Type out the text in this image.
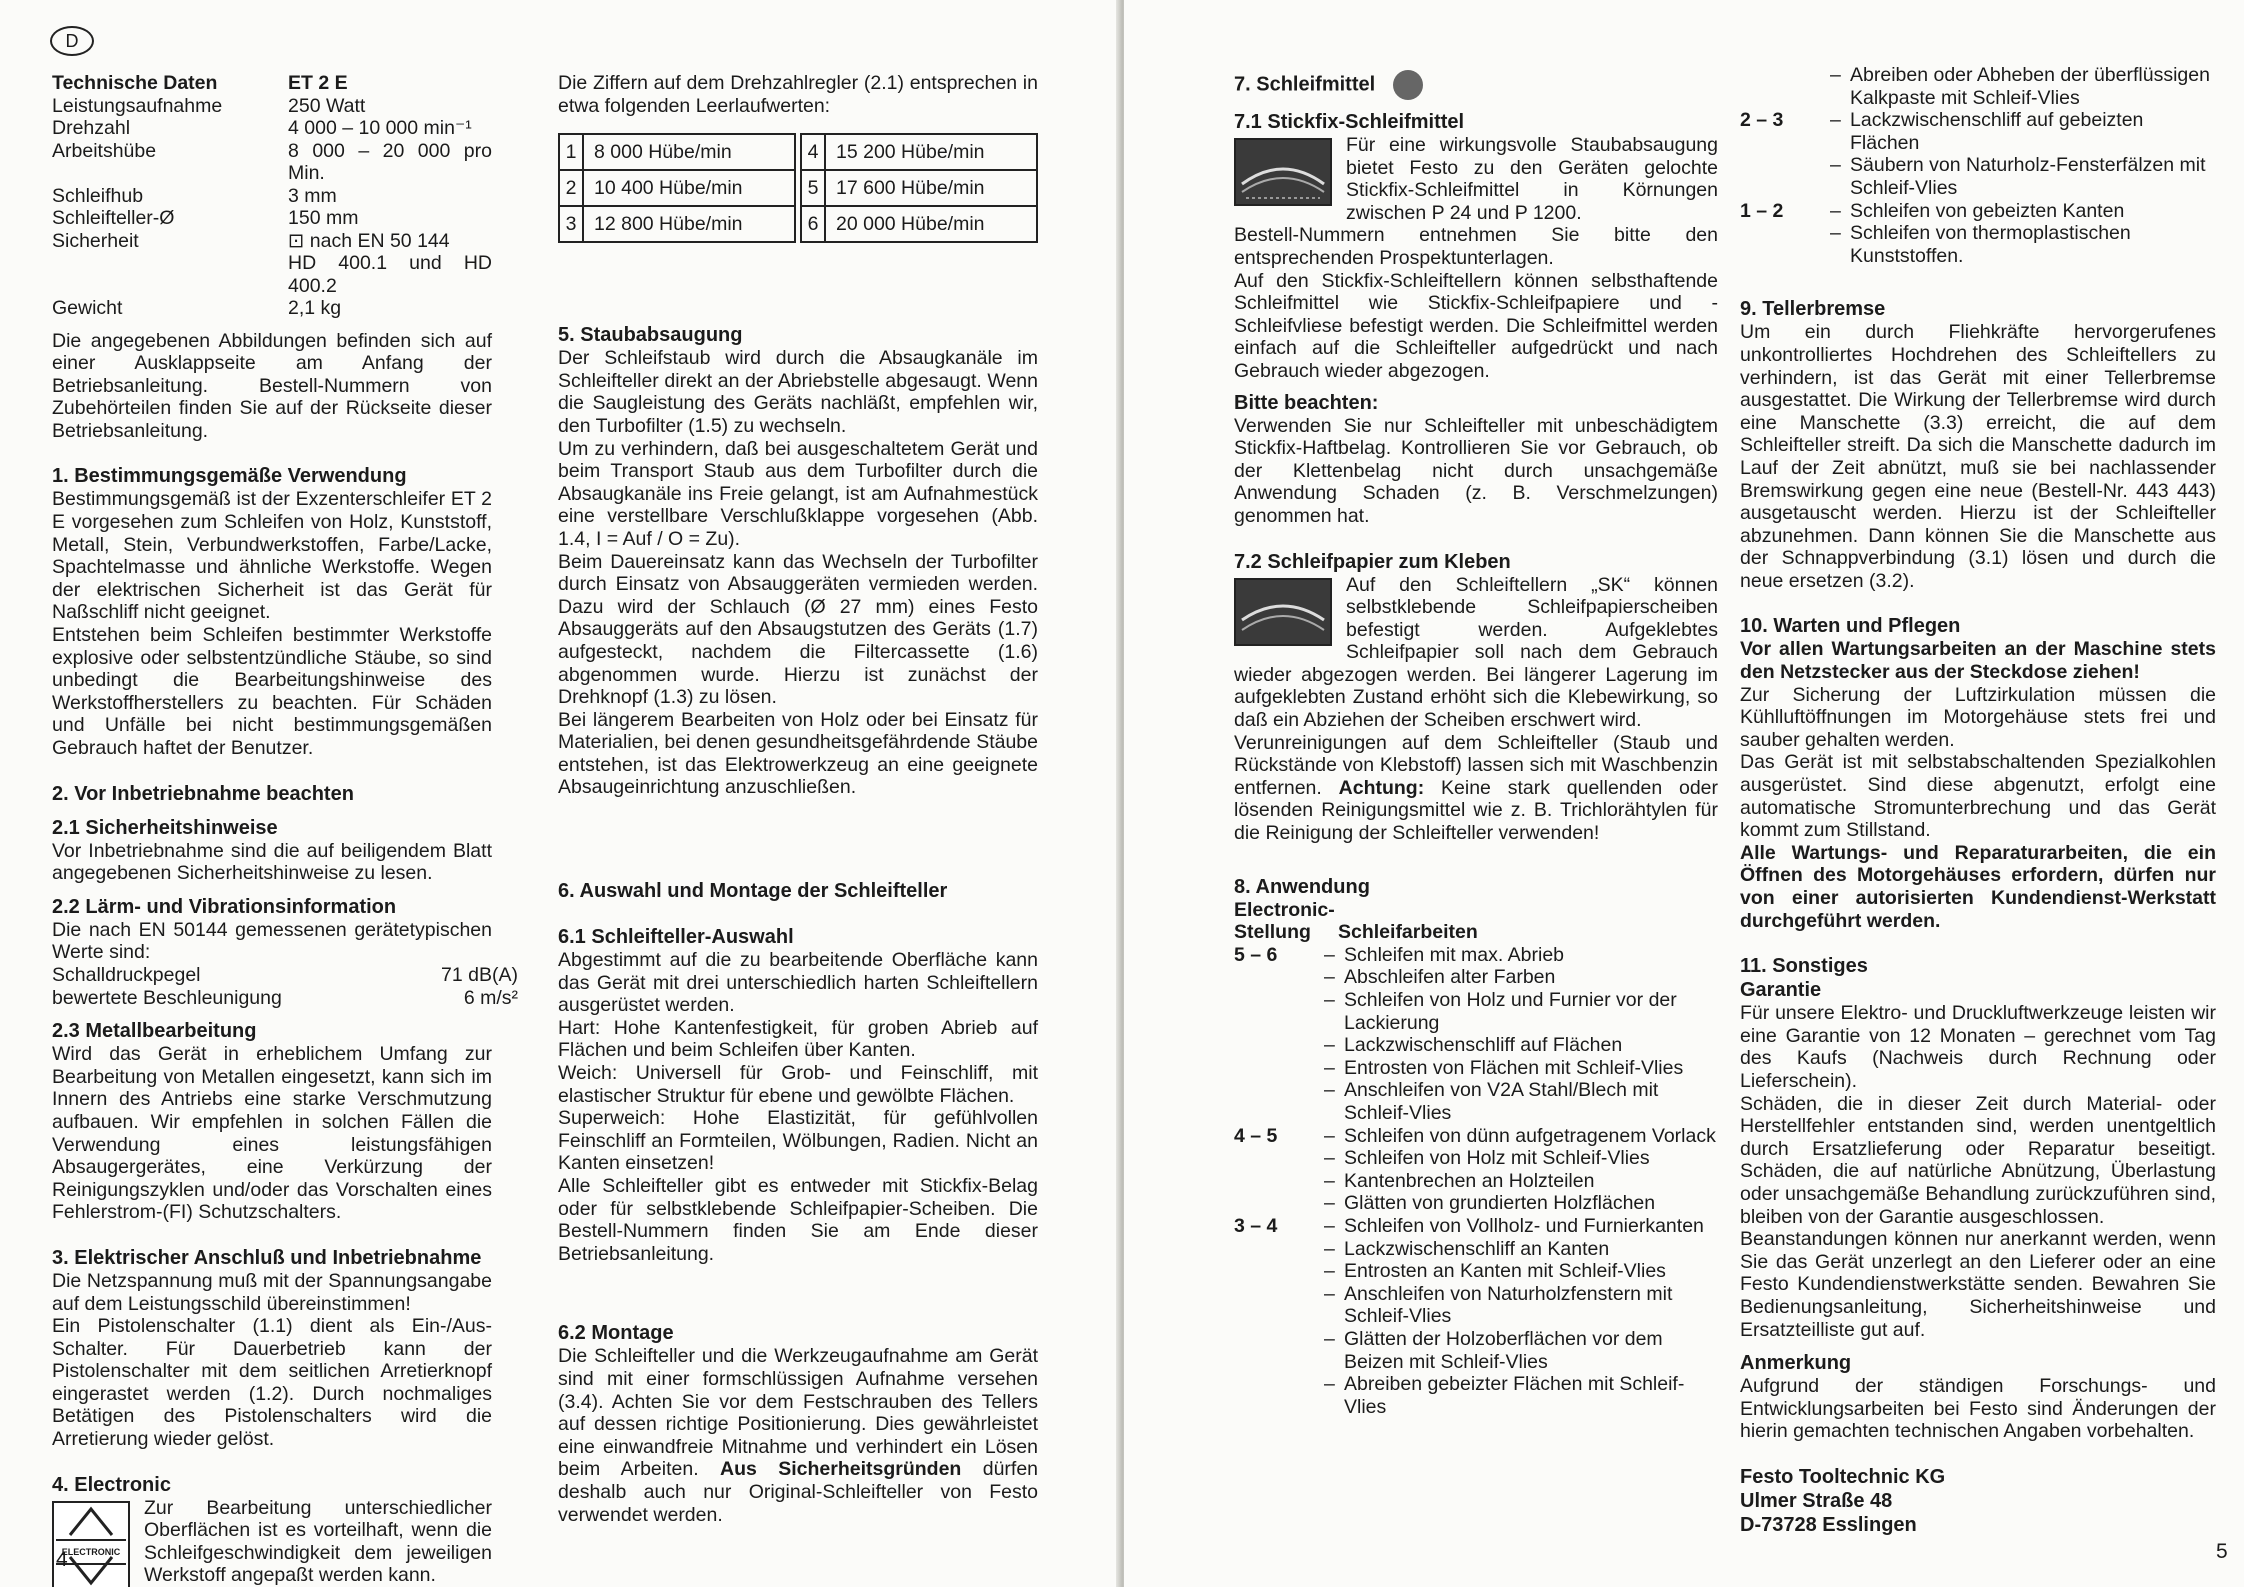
D
Technische Daten	ET 2 E
Leistungsaufnahme	250 Watt
Drehzahl	4 000 – 10 000 min⁻¹
Arbeitshübe	8 000 – 20 000 pro Min.
Schleifhub	3 mm
Schleifteller-Ø	150 mm
Sicherheit	⊡ nach EN 50 144
HD 400.1 und HD 400.2
Gewicht	2,1 kg

Die angegebenen Abbildungen befinden sich auf einer Ausklappseite am Anfang der Betriebsanleitung. Bestell-Nummern von Zubehörteilen finden Sie auf der Rückseite dieser Betriebsanleitung.

1. Bestimmungsgemäße Verwendung

Bestimmungsgemäß ist der Exzenterschleifer ET 2 E vorgesehen zum Schleifen von Holz, Kunststoff, Metall, Stein, Verbundwerkstoffen, Farbe/Lacke, Spachtelmasse und ähnliche Werkstoffe. Wegen der elektrischen Sicherheit ist das Gerät für Naßschliff nicht geeignet.

Entstehen beim Schleifen bestimmter Werkstoffe explosive oder selbstentzündliche Stäube, so sind unbedingt die Bearbeitungshinweise des Werkstoffherstellers zu beachten. Für Schäden und Unfälle bei nicht bestimmungsgemäßen Gebrauch haftet der Benutzer.

2. Vor Inbetriebnahme beachten
2.1 Sicherheitshinweise

Vor Inbetriebnahme sind die auf beiligendem Blatt angegebenen Sicherheitshinweise zu lesen.

2.2 Lärm- und Vibrationsinformation

Die nach EN 50144 gemessenen gerätetypischen Werte sind:

Schalldruckpegel	71 dB(A)
bewertete Beschleunigung	6 m/s²
2.3 Metallbearbeitung

Wird das Gerät in erheblichem Umfang zur Bearbeitung von Metallen eingesetzt, kann sich im Innern des Antriebs eine starke Verschmutzung aufbauen. Wir empfehlen in solchen Fällen die Verwendung eines leistungsfähigen Absaugergerätes, eine Verkürzung der Reinigungszyklen und/oder das Vorschalten eines Fehlerstrom-(FI) Schutzschalters.

3. Elektrischer Anschluß und Inbetriebnahme

Die Netzspannung muß mit der Spannungsangabe auf dem Leistungsschild übereinstimmen!

Ein Pistolenschalter (1.1) dient als Ein-/Aus-Schalter. Für Dauerbetrieb kann der Pistolenschalter mit dem seitlichen Arretierknopf eingerastet werden (1.2). Durch nochmaliges Betätigen des Pistolenschalters wird die Arretierung wieder gelöst.

4. Electronic
ELECTRONIC

Zur Bearbeitung unterschiedlicher Oberflächen ist es vorteilhaft, wenn die Schleifgeschwindigkeit dem jeweiligen Werkstoff angepaßt werden kann.

4

Die Ziffern auf dem Drehzahlregler (2.1) entsprechen in etwa folgenden Leerlaufwerten:

1	8 000 Hübe/min		4	15 200 Hübe/min
2	10 400 Hübe/min		5	17 600 Hübe/min
3	12 800 Hübe/min		6	20 000 Hübe/min
5. Staubabsaugung

Der Schleifstaub wird durch die Absaugkanäle im Schleifteller direkt an der Abriebstelle abgesaugt. Wenn die Saugleistung des Geräts nachläßt, empfehlen wir, den Turbofilter (1.5) zu wechseln.

Um zu verhindern, daß bei ausgeschaltetem Gerät und beim Transport Staub aus dem Turbofilter durch die Absaugkanäle ins Freie gelangt, ist am Aufnahmestück eine verstellbare Verschlußklappe vorgesehen (Abb. 1.4, I = Auf / O = Zu).

Beim Dauereinsatz kann das Wechseln der Turbofilter durch Einsatz von Absauggeräten vermieden werden. Dazu wird der Schlauch (Ø 27 mm) eines Festo Absauggeräts auf den Absaugstutzen des Geräts (1.7) aufgesteckt, nachdem die Filtercassette (1.6) abgenommen wurde. Hierzu ist zunächst der Drehknopf (1.3) zu lösen.

Bei längerem Bearbeiten von Holz oder bei Einsatz für Materialien, bei denen gesundheitsgefährdende Stäube entstehen, ist das Elektrowerkzeug an eine geeignete Absaugeinrichtung anzuschließen.

6. Auswahl und Montage der Schleifteller
6.1 Schleifteller-Auswahl

Abgestimmt auf die zu bearbeitende Oberfläche kann das Gerät mit drei unterschiedlich harten Schleiftellern ausgerüstet werden.

Hart: Hohe Kantenfestigkeit, für groben Abrieb auf Flächen und beim Schleifen über Kanten.

Weich: Universell für Grob- und Feinschliff, mit elastischer Struktur für ebene und gewölbte Flächen.

Superweich: Hohe Elastizität, für gefühlvollen Feinschliff an Formteilen, Wölbungen, Radien. Nicht an Kanten einsetzen!

Alle Schleifteller gibt es entweder mit Stickfix-Belag oder für selbstklebende Schleifpapier-Scheiben. Die Bestell-Nummern finden Sie am Ende dieser Betriebsanleitung.

6.2 Montage

Die Schleifteller und die Werkzeugaufnahme am Gerät sind mit einer formschlüssigen Aufnahme versehen (3.4). Achten Sie vor dem Festschrauben des Tellers auf dessen richtige Positionierung. Dies gewährleistet eine einwandfreie Mitnahme und verhindert ein Lösen beim Arbeiten. Aus Sicherheitsgründen dürfen deshalb auch nur Original-Schleifteller von Festo verwendet werden.

7. Schleifmittel
7.1 Stickfix-Schleifmittel

Für eine wirkungsvolle Staubabsaugung bietet Festo zu den Geräten gelochte Stickfix-Schleifmittel in Körnungen zwischen P 24 und P 1200.

Bestell-Nummern entnehmen Sie bitte den entsprechenden Prospektunterlagen.

Auf den Stickfix-Schleiftellern können selbsthaftende Schleifmittel wie Stickfix-Schleifpapiere und -Schleifvliese befestigt werden. Die Schleifmittel werden einfach auf die Schleifteller aufgedrückt und nach Gebrauch wieder abgezogen.

Bitte beachten:

Verwenden Sie nur Schleifteller mit unbeschädigtem Stickfix-Haftbelag. Kontrollieren Sie vor Gebrauch, ob der Klettenbelag nicht durch unsachgemäße Anwendung Schaden (z. B. Verschmelzungen) genommen hat.

7.2 Schleifpapier zum Kleben

Auf den Schleiftellern „SK“ können selbstklebende Schleifpapierscheiben befestigt werden. Aufgeklebtes Schleifpapier soll nach dem Gebrauch wieder abgezogen werden. Bei längerer Lagerung im aufgeklebten Zustand erhöht sich die Klebewirkung, so daß ein Abziehen der Scheiben erschwert wird.

Verunreinigungen auf dem Schleifteller (Staub und Rückstände von Klebstoff) lassen sich mit Waschbenzin entfernen. Achtung: Keine stark quellenden oder lösenden Reinigungsmittel wie z. B. Trichlorähtylen für die Reinigung der Schleifteller verwenden!

8. Anwendung
Electronic-
Stellung	Schleifarbeiten
5 – 6	– Schleifen mit max. Abrieb
– Abschleifen alter Farben
– Schleifen von Holz und Furnier vor der Lackierung
– Lackzwischenschliff auf Flächen
– Entrosten von Flächen mit Schleif-Vlies
– Anschleifen von V2A Stahl/Blech mit Schleif-Vlies
4 – 5	– Schleifen von dünn aufgetragenem Vorlack
– Schleifen von Holz mit Schleif-Vlies
– Kantenbrechen an Holzteilen
– Glätten von grundierten Holzflächen
3 – 4	– Schleifen von Vollholz- und Furnierkanten
– Lackzwischenschliff an Kanten
– Entrosten an Kanten mit Schleif-Vlies
– Anschleifen von Naturholzfenstern mit Schleif-Vlies
– Glätten der Holzoberflächen vor dem Beizen mit Schleif-Vlies
– Abreiben gebeizter Flächen mit Schleif-Vlies
5
– Abreiben oder Abheben der überflüssigen Kalkpaste mit Schleif-Vlies
2 – 3	– Lackzwischenschliff auf gebeizten Flächen
– Säubern von Naturholz-Fensterfälzen mit Schleif-Vlies
1 – 2	– Schleifen von gebeizten Kanten
– Schleifen von thermoplastischen Kunststoffen.
9. Tellerbremse

Um ein durch Fliehkräfte hervorgerufenes unkontrolliertes Hochdrehen des Schleiftellers zu verhindern, ist das Gerät mit einer Tellerbremse ausgestattet. Die Wirkung der Tellerbremse wird durch eine Manschette (3.3) erreicht, die auf dem Schleifteller streift. Da sich die Manschette dadurch im Lauf der Zeit abnützt, muß sie bei nachlassender Bremswirkung gegen eine neue (Bestell-Nr. 443 443) ausgetauscht werden. Hierzu ist der Schleifteller abzunehmen. Dann können Sie die Manschette aus der Schnappverbindung (3.1) lösen und durch die neue ersetzen (3.2).

10. Warten und Pflegen

Vor allen Wartungsarbeiten an der Maschine stets den Netzstecker aus der Steckdose ziehen!

Zur Sicherung der Luftzirkulation müssen die Kühlluftöffnungen im Motorgehäuse stets frei und sauber gehalten werden.

Das Gerät ist mit selbstabschaltenden Spezialkohlen ausgerüstet. Sind diese abgenutzt, erfolgt eine automatische Stromunterbrechung und das Gerät kommt zum Stillstand.

Alle Wartungs- und Reparaturarbeiten, die ein Öffnen des Motorgehäuses erfordern, dürfen nur von einer autorisierten Kundendienst-Werkstatt durchgeführt werden.

11. Sonstiges
Garantie

Für unsere Elektro- und Druckluftwerkzeuge leisten wir eine Garantie von 12 Monaten – gerechnet vom Tag des Kaufs (Nachweis durch Rechnung oder Lieferschein).

Schäden, die in dieser Zeit durch Material- oder Herstellfehler entstanden sind, werden unentgeltlich durch Ersatzlieferung oder Reparatur beseitigt. Schäden, die auf natürliche Abnützung, Überlastung oder unsachgemäße Behandlung zurückzuführen sind, bleiben von der Garantie ausgeschlossen.

Beanstandungen können nur anerkannt werden, wenn Sie das Gerät unzerlegt an den Lieferer oder an eine Festo Kundendienstwerkstätte senden. Bewahren Sie Bedienungsanleitung, Sicherheitshinweise und Ersatzteilliste gut auf.

Anmerkung

Aufgrund der ständigen Forschungs- und Entwicklungsarbeiten bei Festo sind Änderungen der hierin gemachten technischen Angaben vorbehalten.

Festo Tooltechnic KG
Ulmer Straße 48
D-73728 Esslingen
